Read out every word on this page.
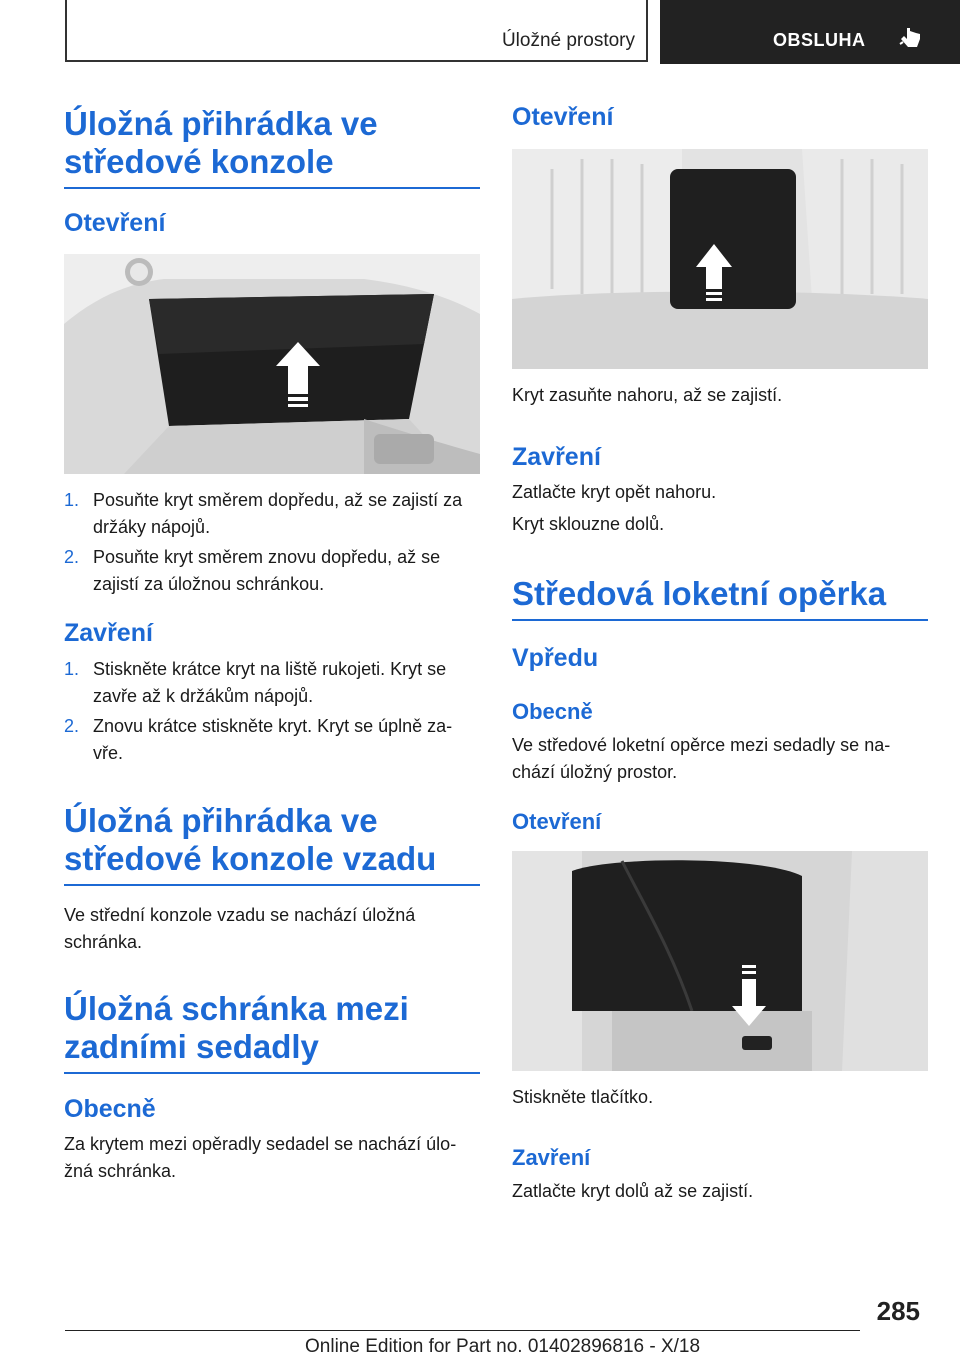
Úložné prostory	OBSLUHA
Úložná přihrádka ve středové konzole
Otevření
1. Posuňte kryt směrem dopředu, až se zajistí za držáky nápojů.
2. Posuňte kryt směrem znovu dopředu, až se zajistí za úložnou schránkou.
Zavření
1. Stiskněte krátce kryt na liště rukojeti. Kryt se zavře až k držákům nápojů.
2. Znovu krátce stiskněte kryt. Kryt se úplně za-vře.
Úložná přihrádka ve středové konzole vzadu
Ve střední konzole vzadu se nachází úložná schránka.
Úložná schránka mezi zadními sedadly
Obecně
Za krytem mezi opěradly sedadel se nachází úlo-žná schránka.
Otevření
Kryt zasuňte nahoru, až se zajistí.
Zavření
Zatlačte kryt opět nahoru.
Kryt sklouzne dolů.
Středová loketní opěrka
Vpředu
Obecně
Ve středové loketní opěrce mezi sedadly se na-chází úložný prostor.
Otevření
Stiskněte tlačítko.
Zavření
Zatlačte kryt dolů až se zajistí.
285
Online Edition for Part no. 01402896816 - X/18
